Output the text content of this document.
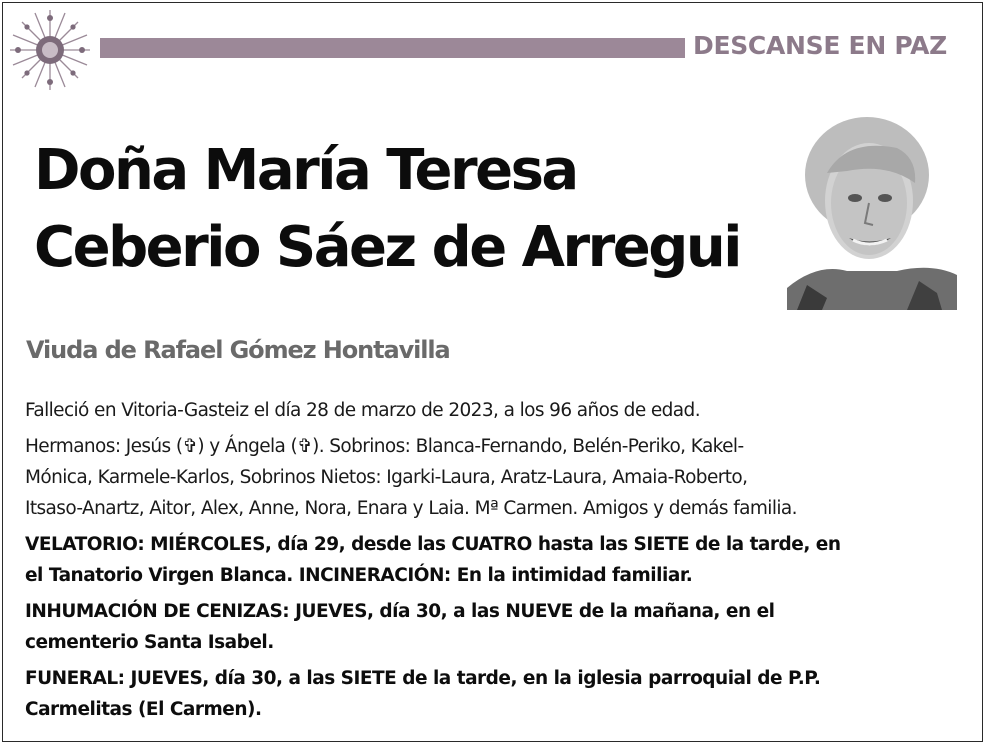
DESCANSE EN PAZ
Doña María Teresa
Ceberio Sáez de Arregui
Viuda de Rafael Gómez Hontavilla
Falleció en Vitoria-Gasteiz el día 28 de marzo de 2023, a los 96 años de edad.
Hermanos: Jesús (✞) y Ángela (✞). Sobrinos: Blanca-Fernando, Belén-Periko, Kakel-
Mónica, Karmele-Karlos, Sobrinos Nietos: Igarki-Laura, Aratz-Laura, Amaia-Roberto,
Itsaso-Anartz, Aitor, Alex, Anne, Nora, Enara y Laia. Mª Carmen. Amigos y demás familia.
VELATORIO: MIÉRCOLES, día 29, desde las CUATRO hasta las SIETE de la tarde, en
el Tanatorio Virgen Blanca. INCINERACIÓN: En la intimidad familiar.
INHUMACIÓN DE CENIZAS: JUEVES, día 30, a las NUEVE de la mañana, en el
cementerio Santa Isabel.
FUNERAL: JUEVES, día 30, a las SIETE de la tarde, en la iglesia parroquial de P.P.
Carmelitas (El Carmen).
